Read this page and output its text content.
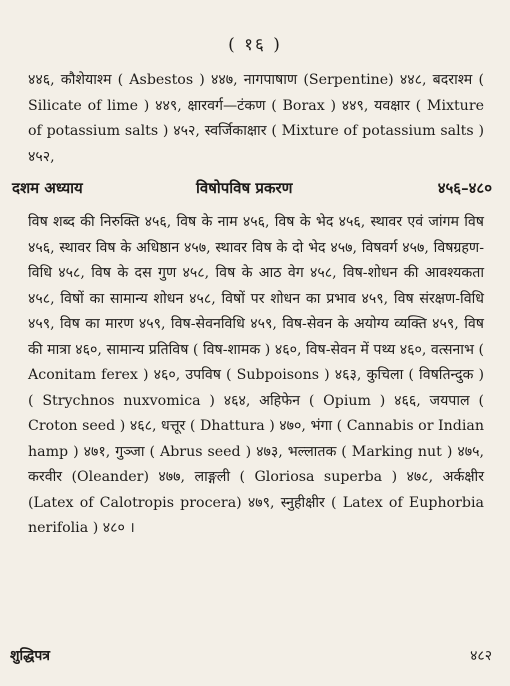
( १६ )

४४६, कौशेयाश्म ( Asbestos ) ४४७, नागपाषाण (Serpentine) ४४८, बदराश्म ( Silicate of lime ) ४४९, क्षारवर्ग—टंकण ( Borax ) ४४९, यवक्षार ( Mixture of potassium salts ) ४५२, स्वर्जिकाक्षार ( Mixture of potassium salts ) ४५२,

दशम अध्याय	विषोपविष प्रकरण	४५६–४८०

विष शब्द की निरुक्ति ४५६, विष के नाम ४५६, विष के भेद ४५६, स्थावर एवं जांगम विष ४५६, स्थावर विष के अधिष्ठान ४५७, स्थावर विष के दो भेद ४५७, विषवर्ग ४५७, विषग्रहण-विधि ४५८, विष के दस गुण ४५८, विष के आठ वेग ४५८, विष-शोधन की आवश्यकता ४५८, विषों का सामान्य शोधन ४५८, विषों पर शोधन का प्रभाव ४५९, विष संरक्षण-विधि ४५९, विष का मारण ४५९, विष-सेवनविधि ४५९, विष-सेवन के अयोग्य व्यक्ति ४५९, विष की मात्रा ४६०, सामान्य प्रतिविष ( विष-शामक ) ४६०, विष-सेवन में पथ्य ४६०, वत्सनाभ ( Aconitam ferex ) ४६०, उपविष ( Subpoisons ) ४६३, कुचिला ( विषतिन्दुक ) ( Strychnos nuxvomica ) ४६४, अहिफेन ( Opium ) ४६६, जयपाल ( Croton seed ) ४६८, धत्तूर ( Dhattura ) ४७०, भंगा ( Cannabis or Indian hamp ) ४७१, गुञ्जा ( Abrus seed ) ४७३, भल्लातक ( Marking nut ) ४७५, करवीर (Oleander) ४७७, लाङ्गली ( Gloriosa superba ) ४७८, अर्कक्षीर (Latex of Calotropis procera) ४७९, स्नुहीक्षीर ( Latex of Euphorbia nerifolia ) ४८० ।

शुद्धिपत्र	४८२
